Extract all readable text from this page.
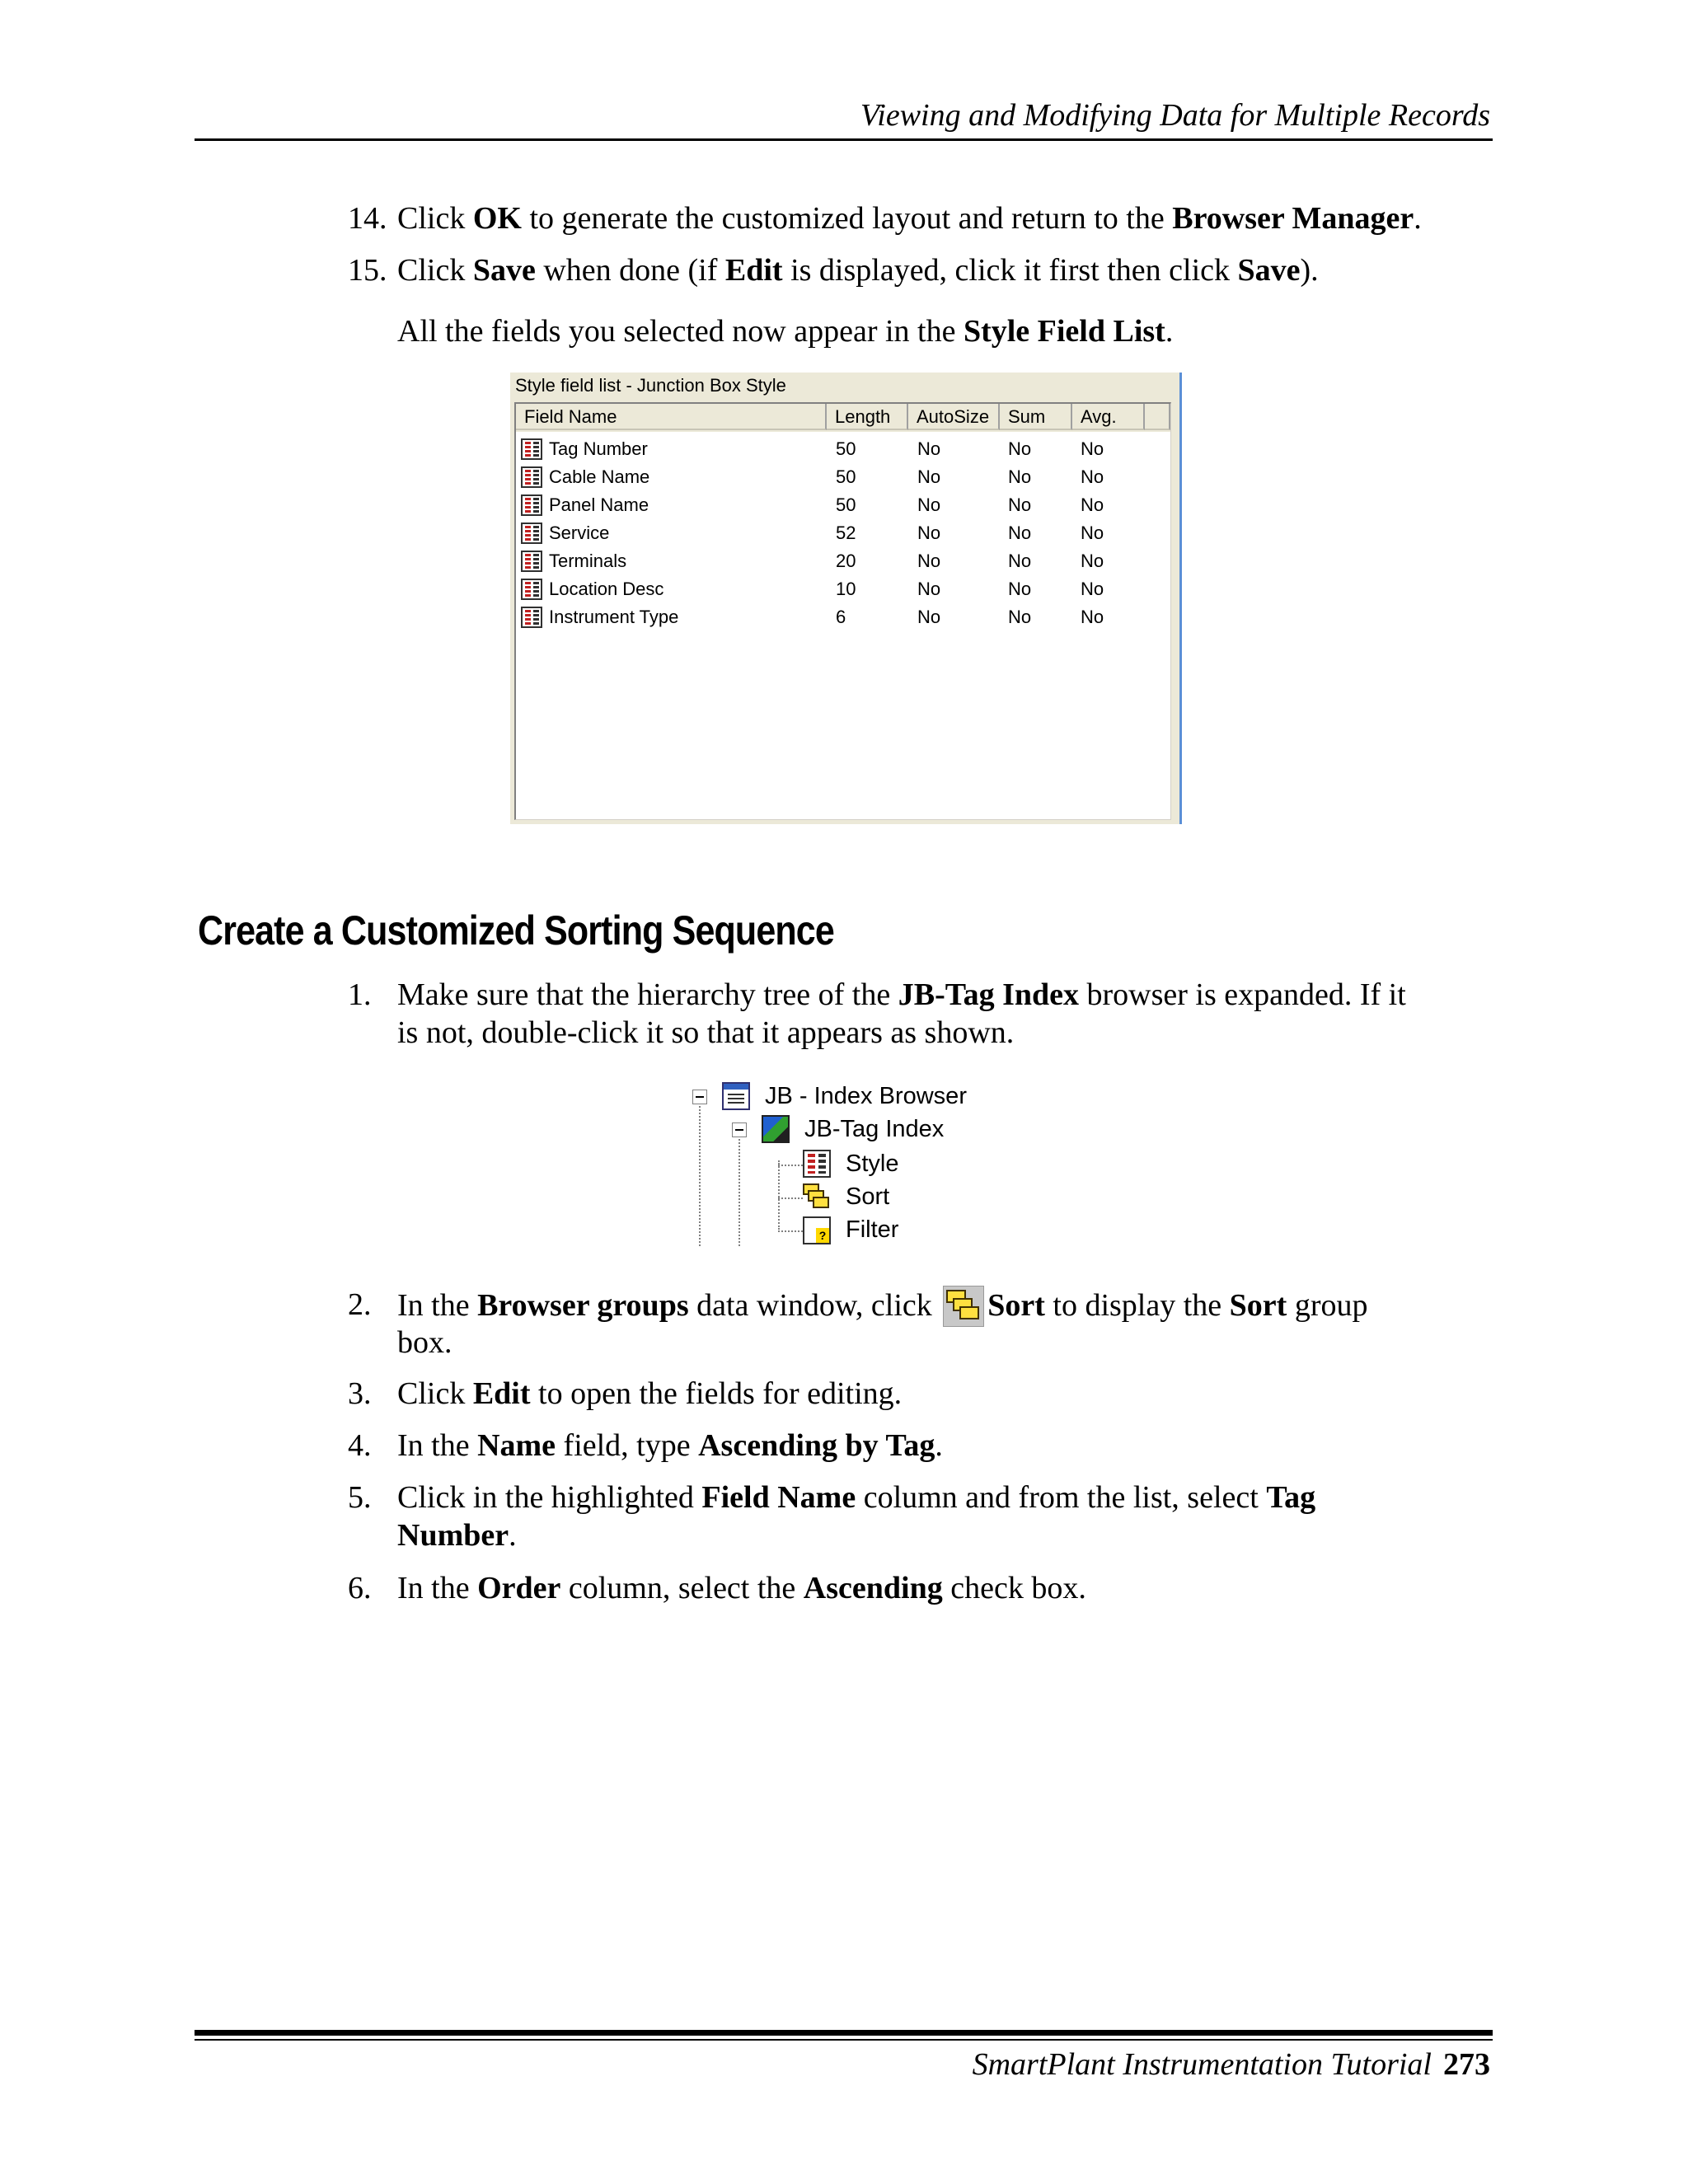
Viewing and Modifying Data for Multiple Records
14. Click OK to generate the customized layout and return to the Browser Manager.
15. Click Save when done (if Edit is displayed, click it first then click Save).
All the fields you selected now appear in the Style Field List.
Style field list - Junction Box Style
Field Name	Length	AutoSize	Sum	Avg.
Tag Number	50	No	No	No
Cable Name	50	No	No	No
Panel Name	50	No	No	No
Service	52	No	No	No
Terminals	20	No	No	No
Location Desc	10	No	No	No
Instrument Type	6	No	No	No
Create a Customized Sorting Sequence
1. Make sure that the hierarchy tree of the JB-Tag Index browser is expanded. If it
is not, double-click it so that it appears as shown.
JB - Index Browser
JB-Tag Index
Style
Sort
?
Filter
2. In the Browser groups data window, click
Sort to display the Sort group
box.
3. Click Edit to open the fields for editing.
4. In the Name field, type Ascending by Tag.
5. Click in the highlighted Field Name column and from the list, select Tag
Number.
6. In the Order column, select the Ascending check box.
SmartPlant Instrumentation Tutorial 273
